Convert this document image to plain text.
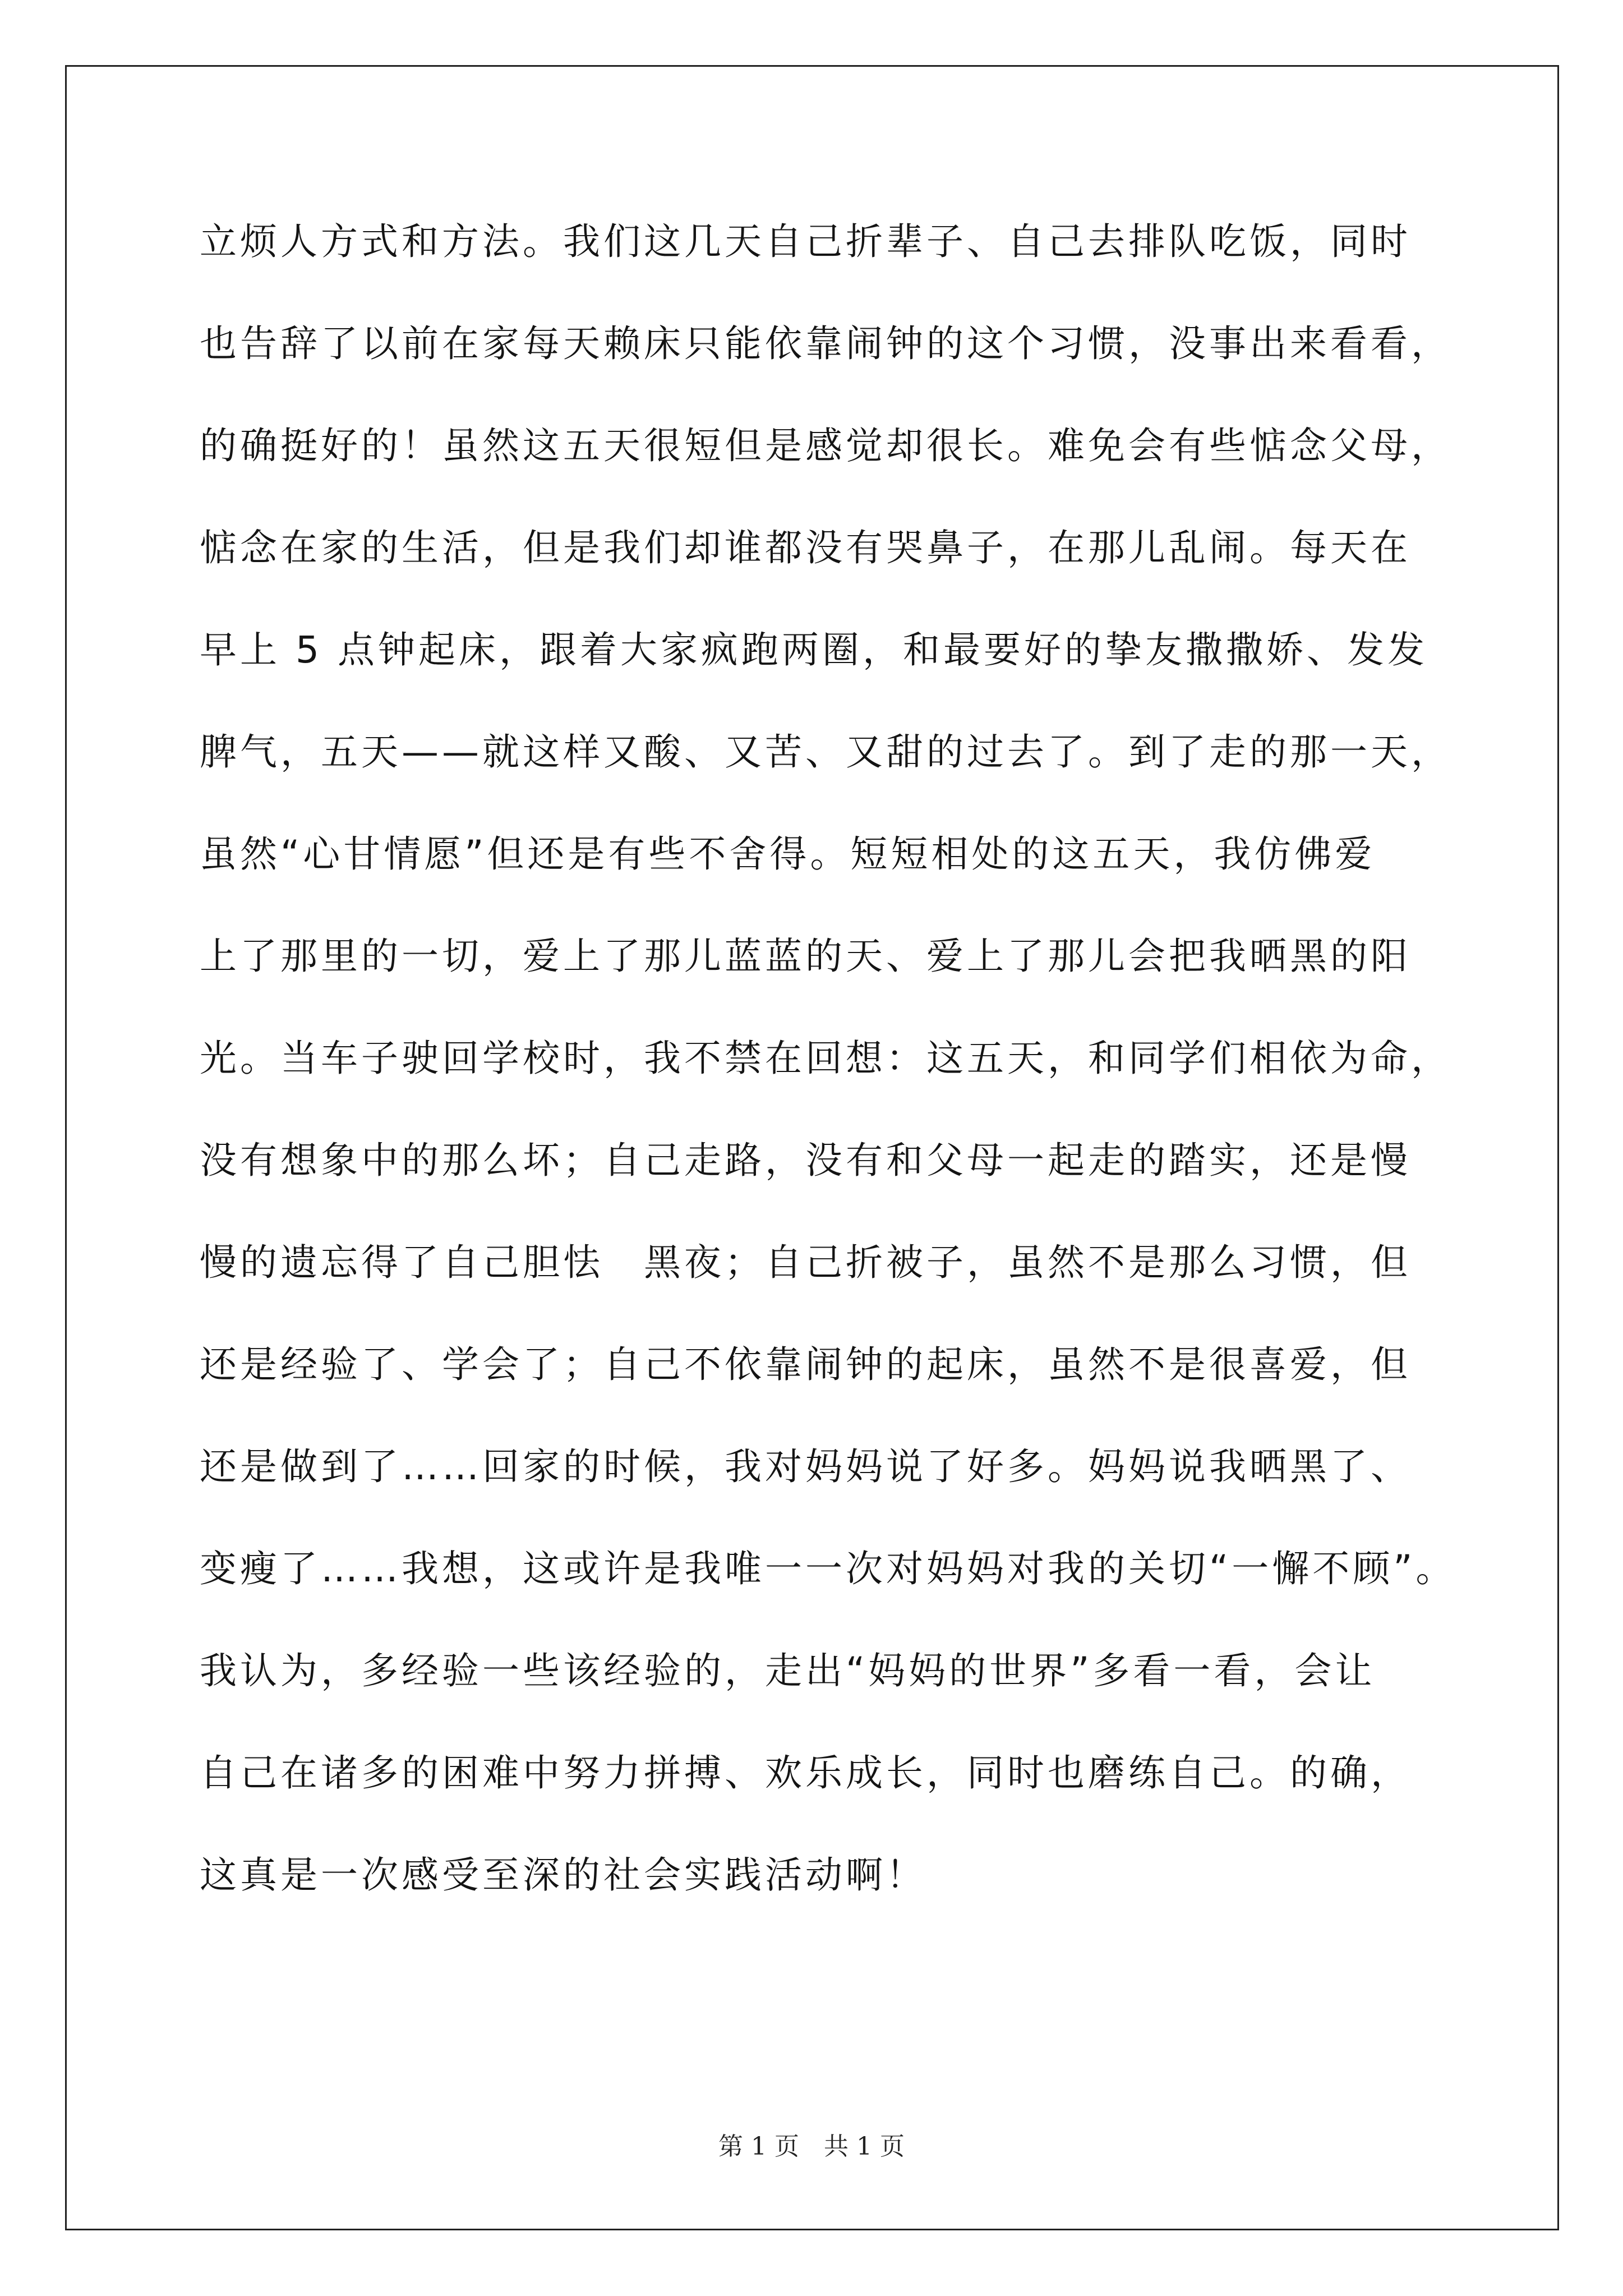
立烦人方式和方法。我们这几天自己折辈子、自己去排队吃饭，同时
也告辞了以前在家每天赖床只能依靠闹钟的这个习惯，没事出来看看，
的确挺好的！虽然这五天很短但是感觉却很长。难免会有些惦念父母，
惦念在家的生活，但是我们却谁都没有哭鼻子，在那儿乱闹。每天在
早上 5 点钟起床，跟着大家疯跑两圈，和最要好的挚友撒撒娇、发发
脾气，五天——就这样又酸、又苦、又甜的过去了。到了走的那一天，
虽然“心甘情愿”但还是有些不舍得。短短相处的这五天，我仿佛爱
上了那里的一切，爱上了那儿蓝蓝的天、爱上了那儿会把我晒黑的阳
光。当车子驶回学校时，我不禁在回想：这五天，和同学们相依为命，
没有想象中的那么坏；自己走路，没有和父母一起走的踏实，还是慢
慢的遗忘得了自己胆怯　黑夜；自己折被子，虽然不是那么习惯，但
还是经验了、学会了；自己不依靠闹钟的起床，虽然不是很喜爱，但
还是做到了……回家的时候，我对妈妈说了好多。妈妈说我晒黑了、
变瘦了……我想，这或许是我唯一一次对妈妈对我的关切“一懈不顾”。
我认为，多经验一些该经验的，走出“妈妈的世界”多看一看，会让
自己在诸多的困难中努力拼搏、欢乐成长，同时也磨练自己。的确，
这真是一次感受至深的社会实践活动啊！
第 1 页　共 1 页
